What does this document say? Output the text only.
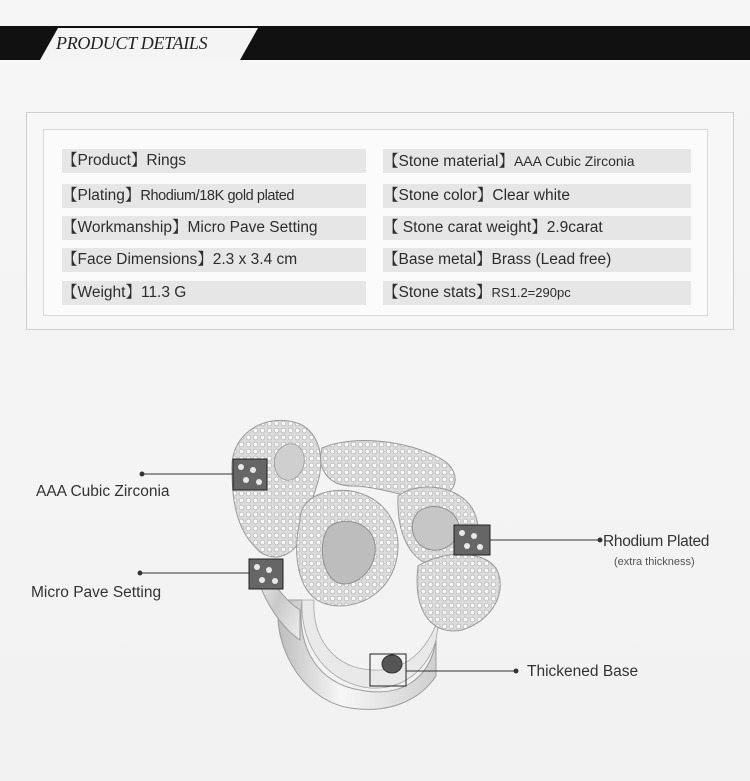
PRODUCT DETAILS
【Product】Rings
【Plating】Rhodium/18K gold plated
【Workmanship】Micro Pave Setting
【Face Dimensions】2.3 x 3.4 cm
【Weight】11.3 G
【Stone material】AAA Cubic Zirconia
【Stone color】Clear white
【 Stone carat weight】2.9carat
【Base metal】Brass (Lead free)
【Stone stats】RS1.2=290pc
AAA Cubic Zirconia
Micro Pave Setting
Rhodium Plated
(extra thickness)
Thickened Base
